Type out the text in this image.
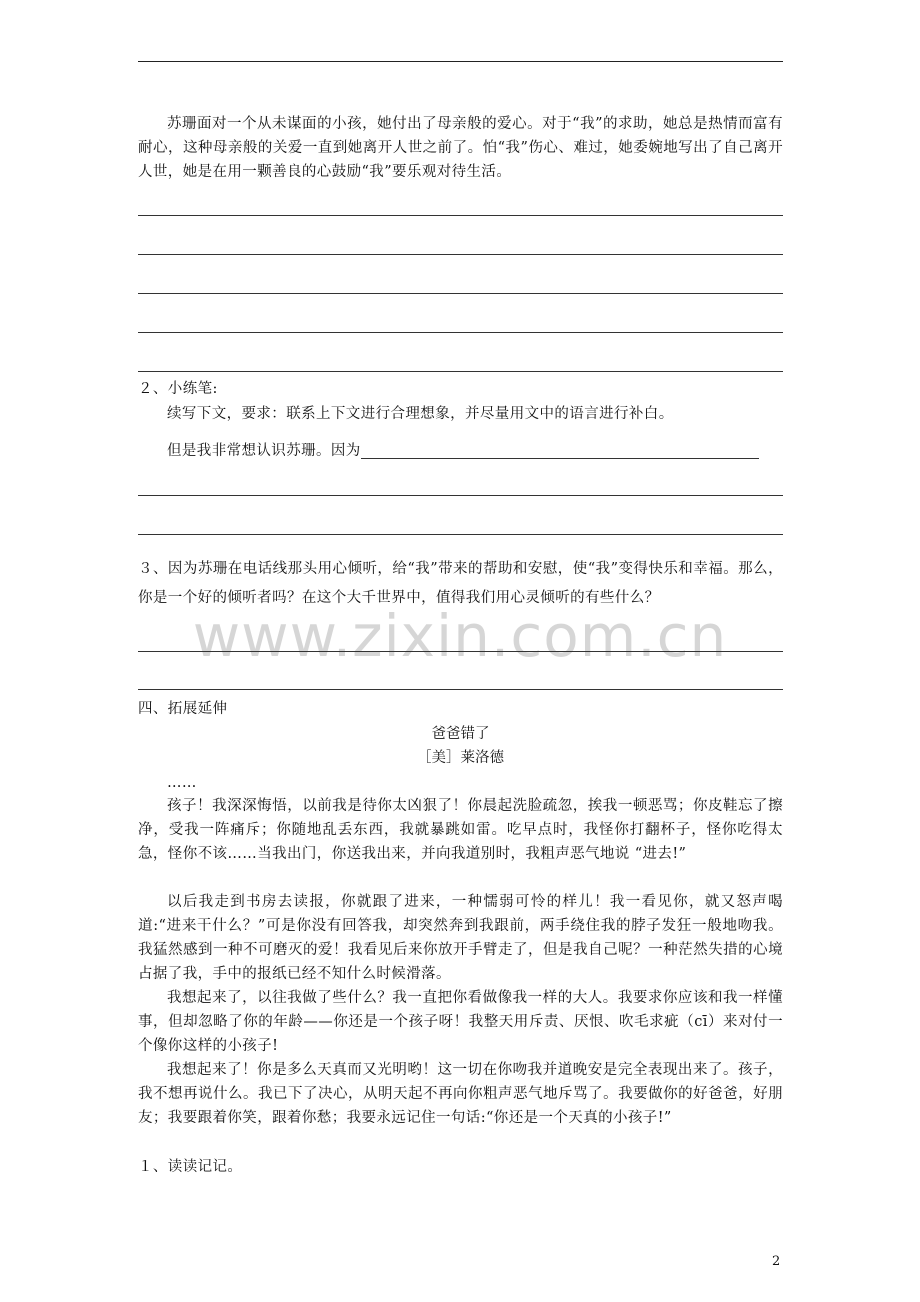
苏珊面对一个从未谋面的小孩，她付出了母亲般的爱心。对于“我”的求助，她总是热情而富有耐心，这种母亲般的关爱一直到她离开人世之前了。怕“我”伤心、难过，她委婉地写出了自己离开人世，她是在用一颗善良的心鼓励“我”要乐观对待生活。
２、小练笔:
续写下文，要求：联系上下文进行合理想象，并尽量用文中的语言进行补白。
但是我非常想认识苏珊。因为
３、因为苏珊在电话线那头用心倾听，给“我”带来的帮助和安慰，使“我”变得快乐和幸福。那么，你是一个好的倾听者吗？在这个大千世界中，值得我们用心灵倾听的有些什么？
www.zixin.com.cn
四、拓展延伸
爸爸错了
［美］莱洛德
……
孩子！我深深悔悟，以前我是待你太凶狠了！你晨起洗脸疏忽，挨我一顿恶骂；你皮鞋忘了擦净，受我一阵痛斥；你随地乱丢东西，我就暴跳如雷。吃早点时，我怪你打翻杯子，怪你吃得太急，怪你不该……当我出门，你送我出来，并向我道别时，我粗声恶气地说 “进去!”
以后我走到书房去读报，你就跟了进来，一种懦弱可怜的样儿！我一看见你，就又怒声喝道:“进来干什么？”可是你没有回答我，却突然奔到我跟前，两手绕住我的脖子发狂一般地吻我。我猛然感到一种不可磨灭的爱！我看见后来你放开手臂走了，但是我自己呢？一种茫然失措的心境占据了我，手中的报纸已经不知什么时候滑落。
我想起来了，以往我做了些什么？我一直把你看做像我一样的大人。我要求你应该和我一样懂事，但却忽略了你的年龄——你还是一个孩子呀！我整天用斥责、厌恨、吹毛求疵（cī）来对付一个像你这样的小孩子!
我想起来了！你是多么天真而又光明哟！这一切在你吻我并道晚安是完全表现出来了。孩子，我不想再说什么。我已下了决心，从明天起不再向你粗声恶气地斥骂了。我要做你的好爸爸，好朋友；我要跟着你笑，跟着你愁；我要永远记住一句话:“你还是一个天真的小孩子!”
１、读读记记。
2
